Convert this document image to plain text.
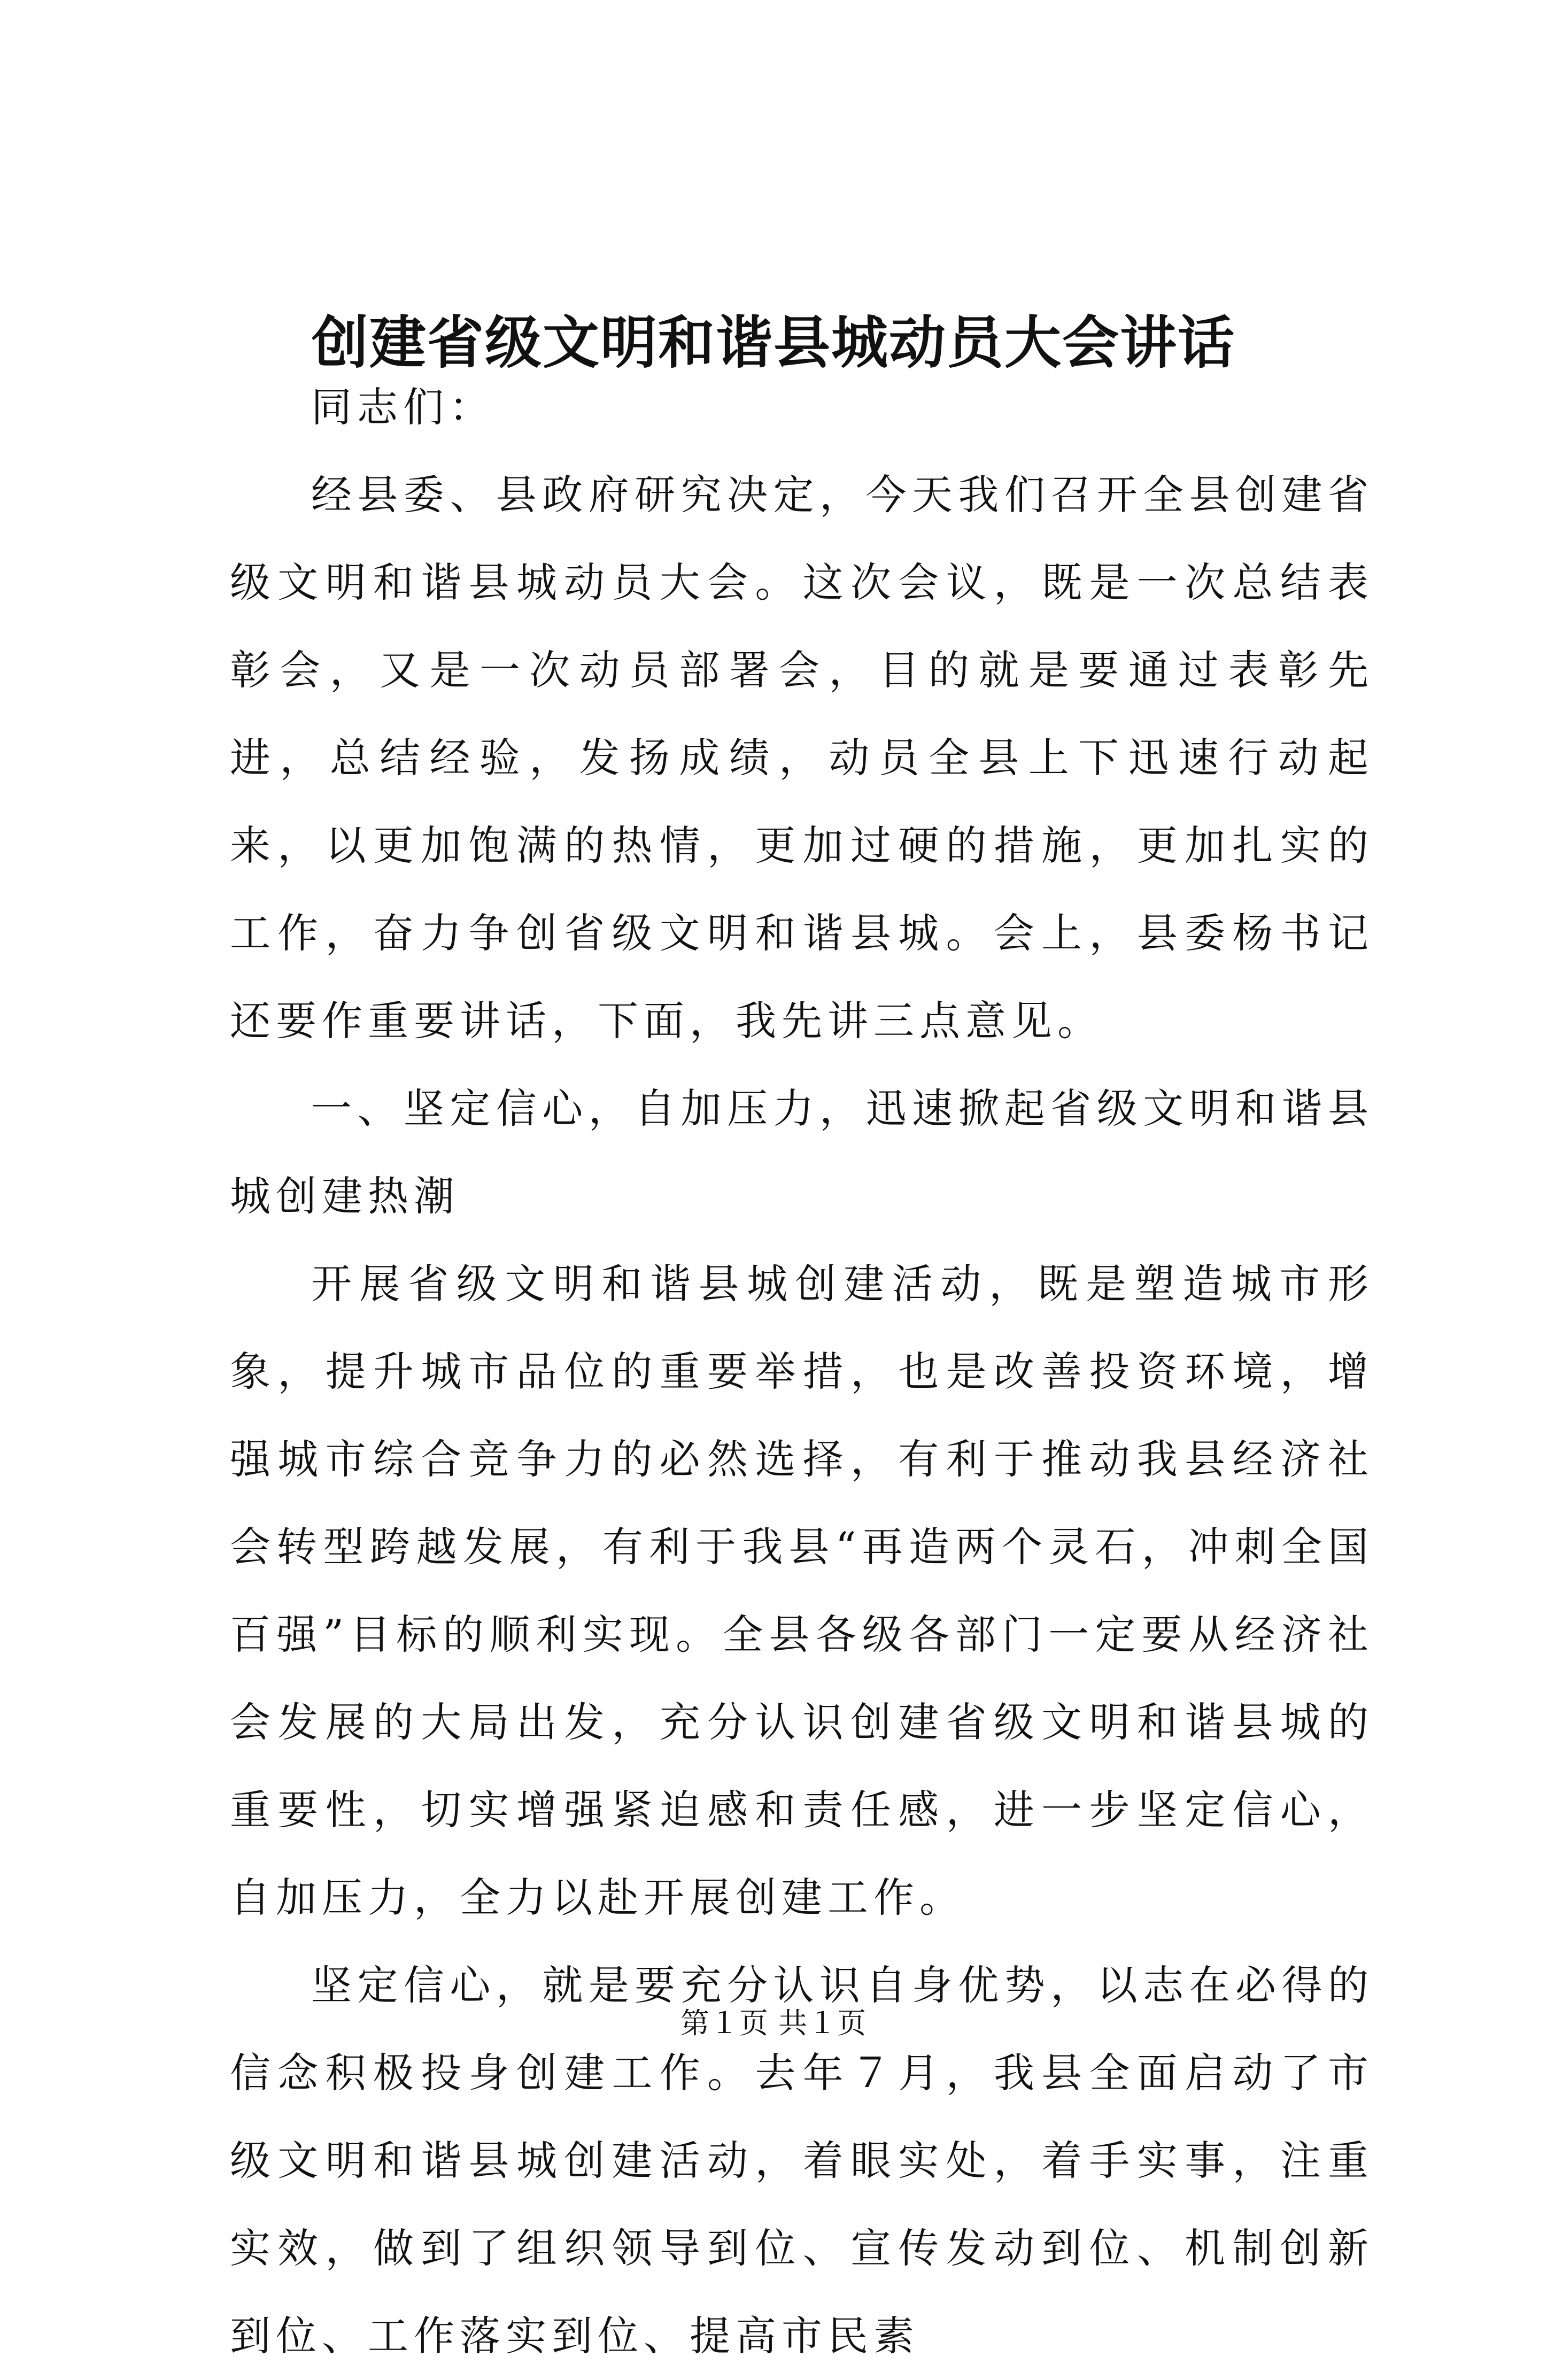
创建省级文明和谐县城动员大会讲话

同志们：

经县委、县政府研究决定，今天我们召开全县创建省级文明和谐县城动员大会。这次会议，既是一次总结表彰会，又是一次动员部署会，目的就是要通过表彰先进，总结经验，发扬成绩，动员全县上下迅速行动起来，以更加饱满的热情，更加过硬的措施，更加扎实的工作，奋力争创省级文明和谐县城。会上，县委杨书记还要作重要讲话，下面，我先讲三点意见。

一、坚定信心，自加压力，迅速掀起省级文明和谐县城创建热潮

开展省级文明和谐县城创建活动，既是塑造城市形象，提升城市品位的重要举措，也是改善投资环境，增强城市综合竞争力的必然选择，有利于推动我县经济社会转型跨越发展，有利于我县“再造两个灵石，冲刺全国百强”目标的顺利实现。全县各级各部门一定要从经济社会发展的大局出发，充分认识创建省级文明和谐县城的重要性，切实增强紧迫感和责任感，进一步坚定信心，自加压力，全力以赴开展创建工作。

坚定信心，就是要充分认识自身优势，以志在必得的信念积极投身创建工作。去年７月，我县全面启动了市级文明和谐县城创建活动，着眼实处，着手实事，注重实效，做到了组织领导到位、宣传发动到位、机制创新到位、工作落实到位、提高市民素

第１页 共１页
